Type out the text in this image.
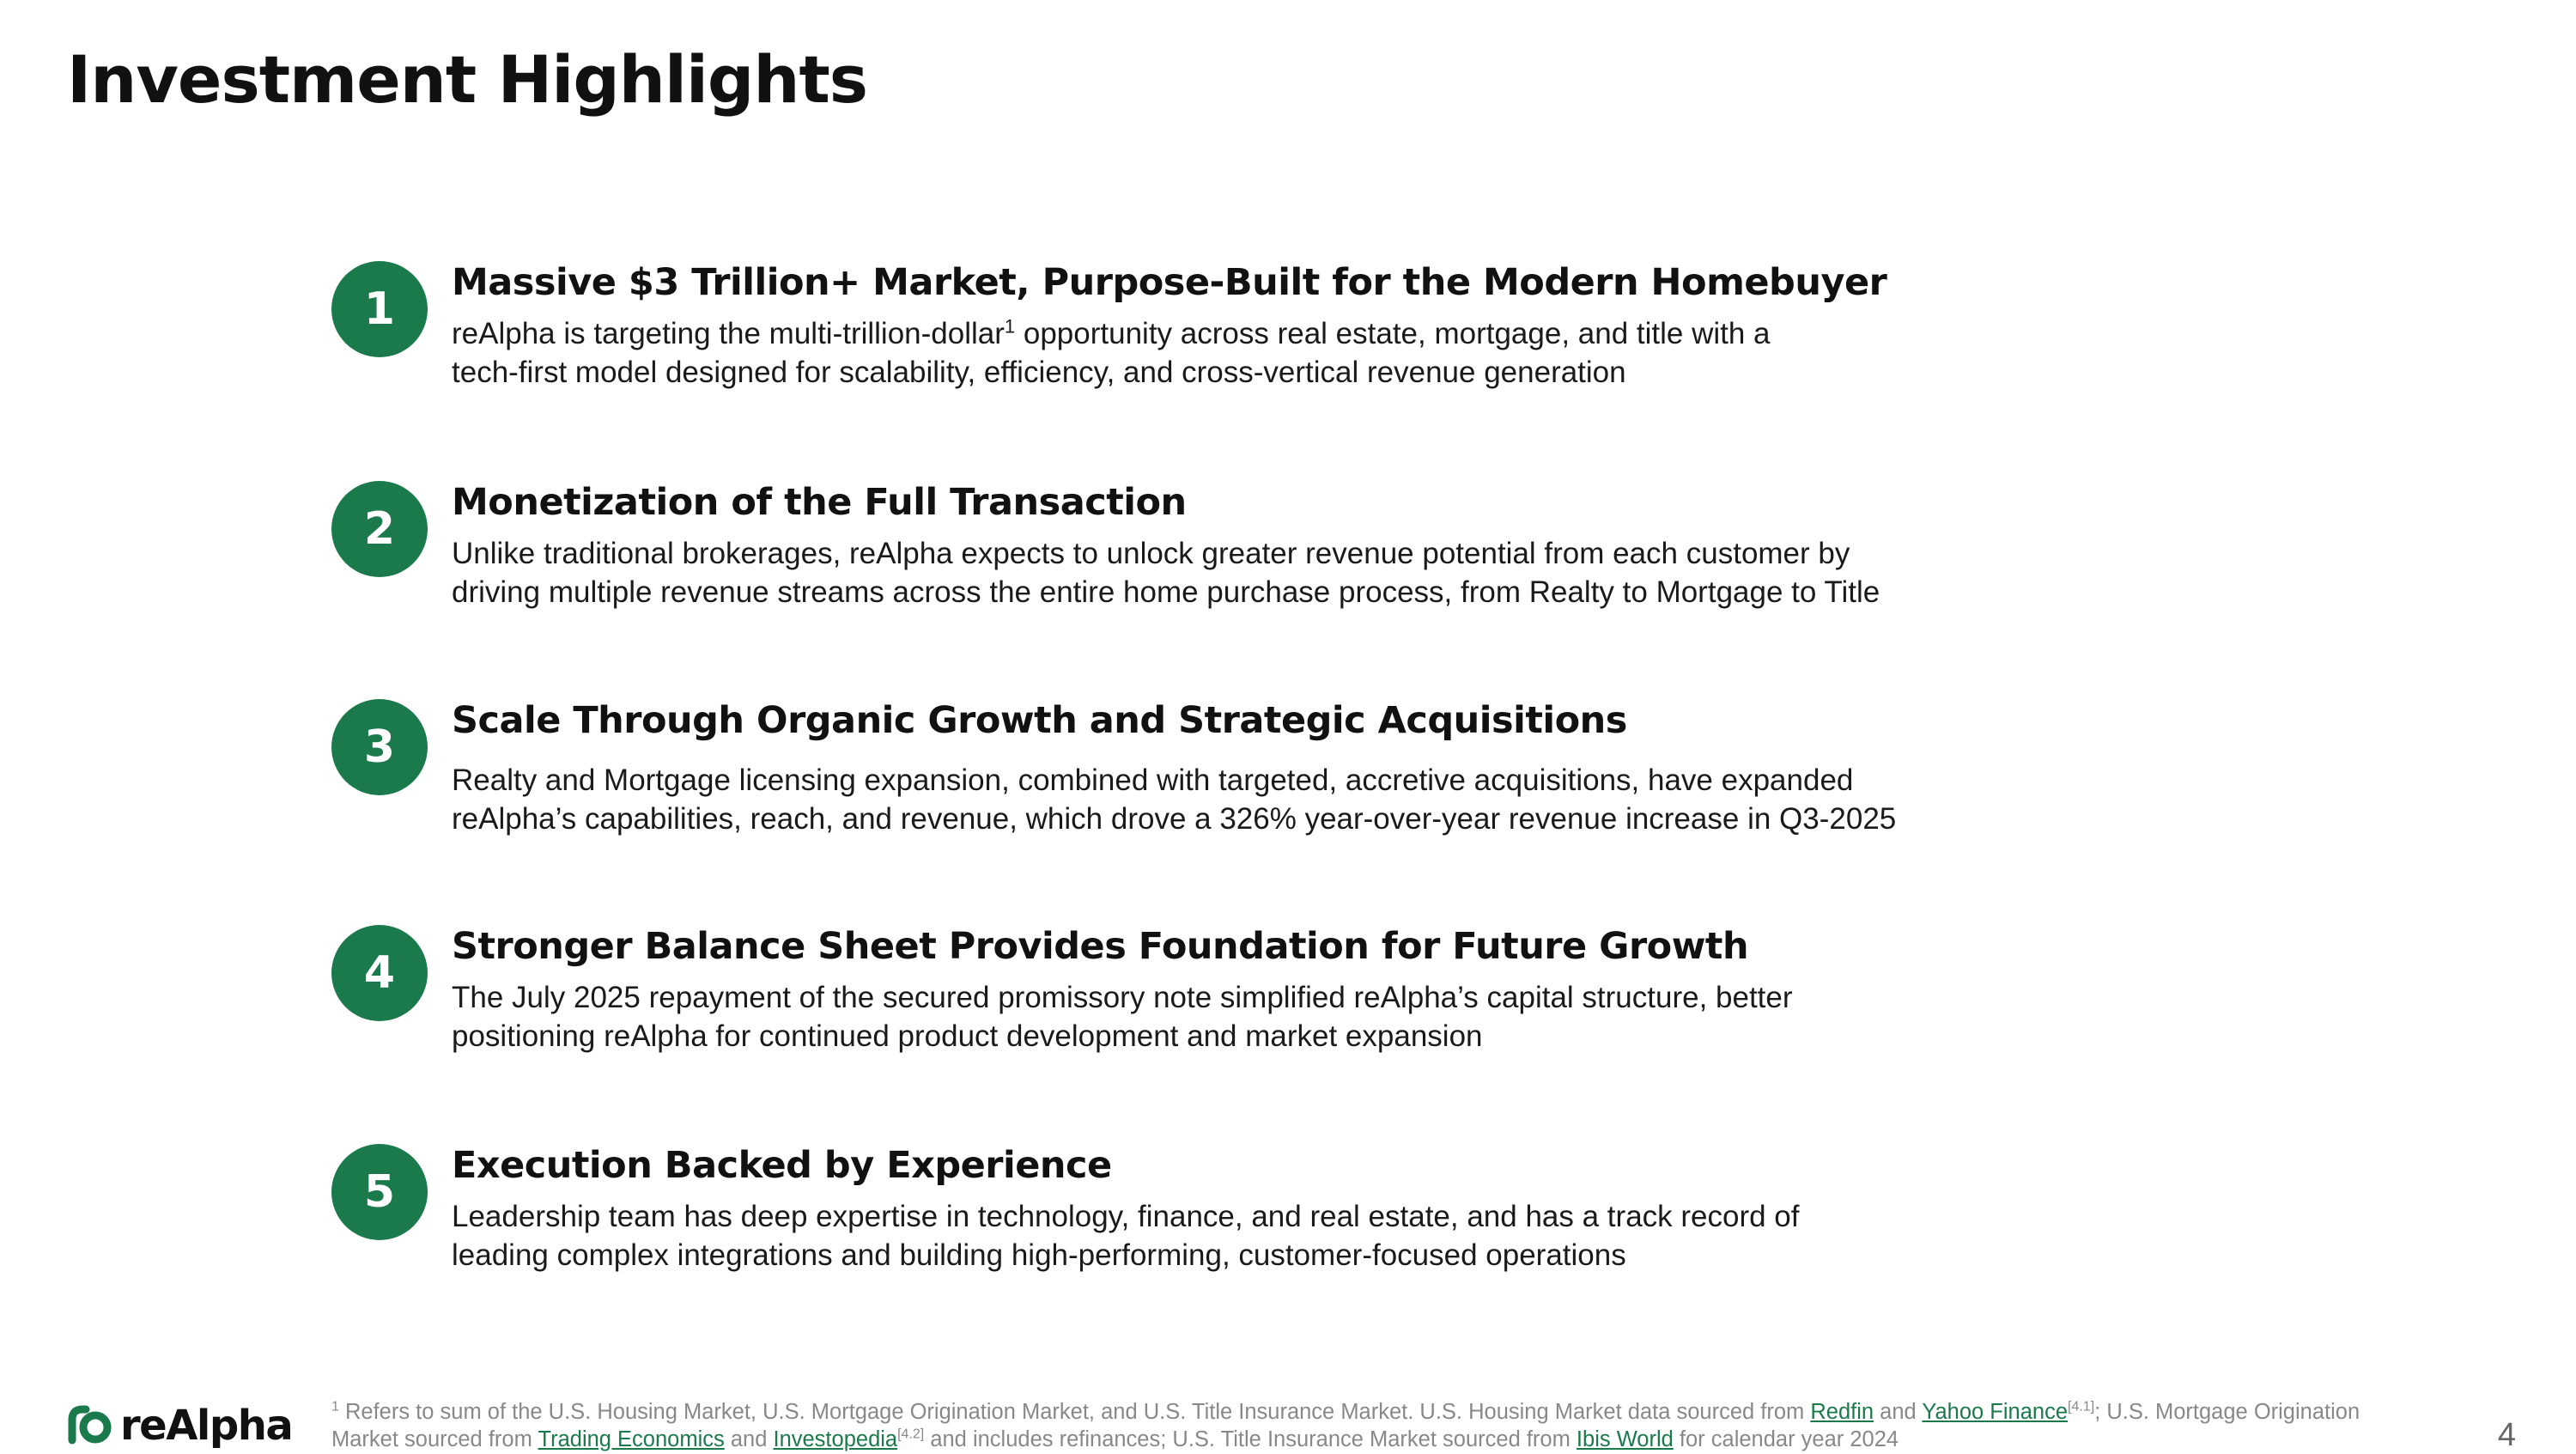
Investment Highlights
1
Massive $3 Trillion+ Market, Purpose-Built for the Modern Homebuyer

reAlpha is targeting the multi-trillion-dollar$^1$ opportunity across real estate, mortgage, and title with a
tech-first model designed for scalability, efficiency, and cross-vertical revenue generation

2
Monetization of the Full Transaction

Unlike traditional brokerages, reAlpha expects to unlock greater revenue potential from each customer by
driving multiple revenue streams across the entire home purchase process, from Realty to Mortgage to Title

3
Scale Through Organic Growth and Strategic Acquisitions

Realty and Mortgage licensing expansion, combined with targeted, accretive acquisitions, have expanded
reAlpha’s capabilities, reach, and revenue, which drove a 326% year-over-year revenue increase in Q3-2025

4
Stronger Balance Sheet Provides Foundation for Future Growth

The July 2025 repayment of the secured promissory note simplified reAlpha’s capital structure, better
positioning reAlpha for continued product development and market expansion

5
Execution Backed by Experience

Leadership team has deep expertise in technology, finance, and real estate, and has a track record of
leading complex integrations and building high-performing, customer-focused operations

reAlpha	$^1$ Refers to sum of the U.S. Housing Market, U.S. Mortgage Origination Market, and U.S. Title Insurance Market. U.S. Housing Market data sourced from Redfin and Yahoo Finance[4.1]; U.S. Mortgage Origination Market sourced from Trading Economics and Investopedia[4.2] and includes refinances; U.S. Title Insurance Market sourced from Ibis World for calendar year 2024	4
